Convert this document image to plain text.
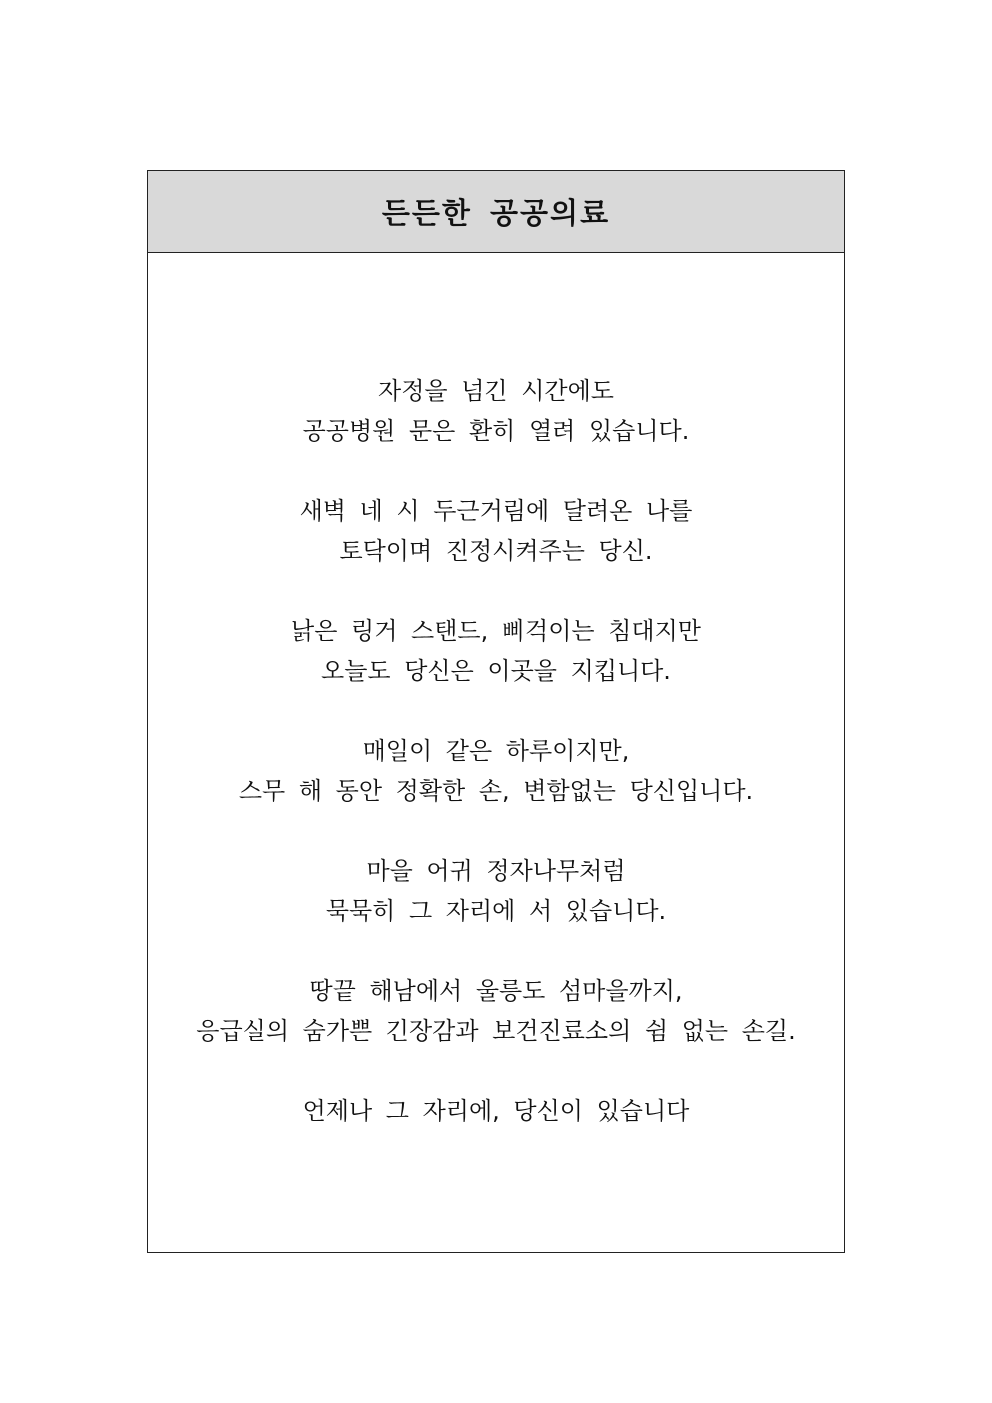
든든한 공공의료
자정을 넘긴 시간에도
공공병원 문은 환히 열려 있습니다.
새벽 네 시 두근거림에 달려온 나를
토닥이며 진정시켜주는 당신.
낡은 링거 스탠드, 삐걱이는 침대지만
오늘도 당신은 이곳을 지킵니다.
매일이 같은 하루이지만,
스무 해 동안 정확한 손, 변함없는 당신입니다.
마을 어귀 정자나무처럼
묵묵히 그 자리에 서 있습니다.
땅끝 해남에서 울릉도 섬마을까지,
응급실의 숨가쁜 긴장감과 보건진료소의 쉼 없는 손길.
언제나 그 자리에, 당신이 있습니다
